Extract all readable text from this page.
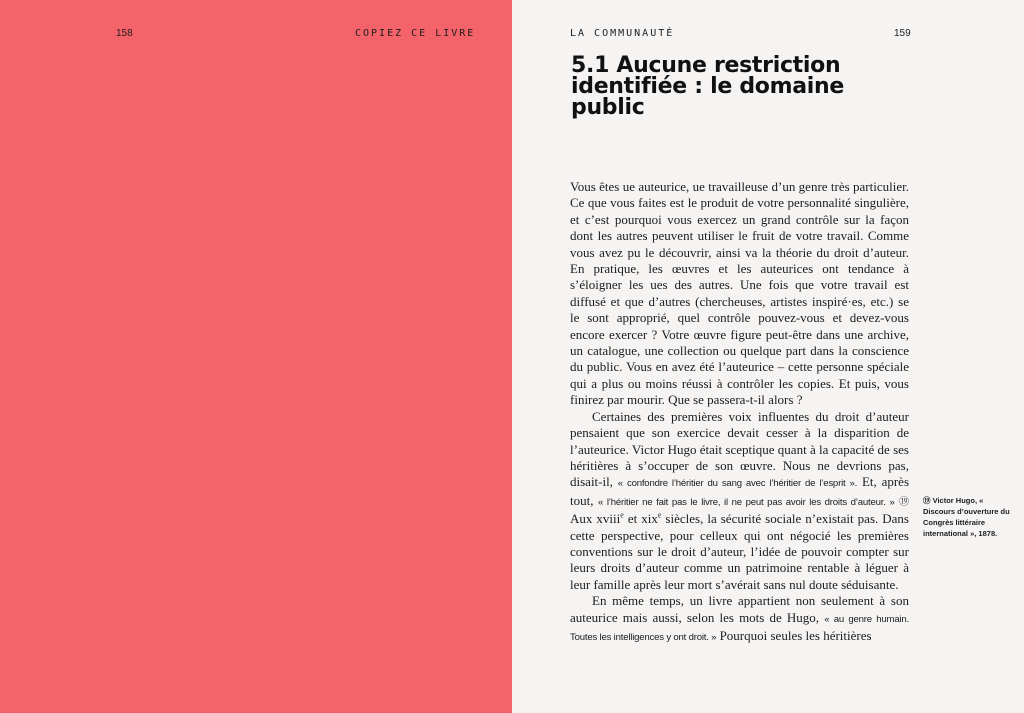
158	COPIEZ CE LIVRE	LA COMMUNAUTÉ	159
5.1 Aucune restriction identifiée : le domaine public

Vous êtes ue auteurice, ue travailleuse d’un genre très particulier. Ce que vous faites est le produit de votre personnalité singulière, et c’est pourquoi vous exercez un grand contrôle sur la façon dont les autres peuvent utiliser le fruit de votre travail. Comme vous avez pu le découvrir, ainsi va la théorie du droit d’auteur. En pratique, les œuvres et les auteurices ont tendance à s’éloigner les ues des autres. Une fois que votre travail est diffusé et que d’autres (chercheuses, artistes inspiré·es, etc.) se le sont approprié, quel contrôle pouvez-vous et devez-vous encore exercer ? Votre œuvre figure peut-être dans une archive, un catalogue, une collection ou quelque part dans la conscience du public. Vous en avez été l’auteurice – cette personne spéciale qui a plus ou moins réussi à contrôler les copies. Et puis, vous finirez par mourir. Que se passera-t-il alors ?

Certaines des premières voix influentes du droit d’auteur pensaient que son exercice devait cesser à la disparition de l’auteurice. Victor Hugo était sceptique quant à la capacité de ses héritières à s’occuper de son œuvre. Nous ne devrions pas, disait-il, « confondre l’héritier du sang avec l’héritier de l’esprit ». Et, après tout, « l’héritier ne fait pas le livre, il ne peut pas avoir les droits d’auteur. » ⑲ Aux xviii$^e$ et xix$^e$ siècles, la sécurité sociale n’existait pas. Dans cette perspective, pour celleux qui ont négocié les premières conventions sur le droit d’auteur, l’idée de pouvoir compter sur leurs droits d’auteur comme un patrimoine rentable à léguer à leur famille après leur mort s’avérait sans nul doute séduisante.

En même temps, un livre appartient non seulement à son auteurice mais aussi, selon les mots de Hugo, « au genre humain. Toutes les intelligences y ont droit. » Pourquoi seules les héritières

⑲ Victor Hugo, « Discours d’ouverture du Congrès littéraire international », 1878.
